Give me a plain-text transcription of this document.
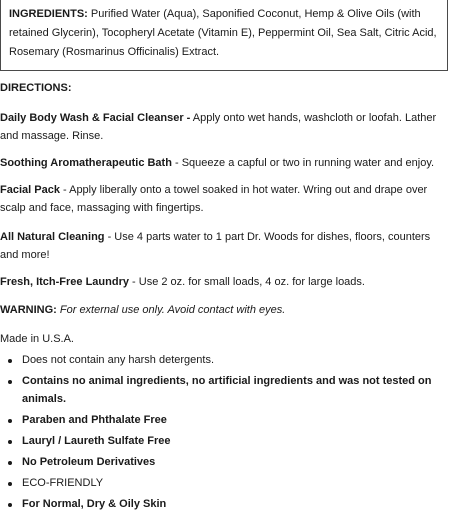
INGREDIENTS: Purified Water (Aqua), Saponified Coconut, Hemp & Olive Oils (with retained Glycerin), Tocopheryl Acetate (Vitamin E), Peppermint Oil, Sea Salt, Citric Acid, Rosemary (Rosmarinus Officinalis) Extract.
DIRECTIONS:
Daily Body Wash & Facial Cleanser - Apply onto wet hands, washcloth or loofah. Lather and massage. Rinse.
Soothing Aromatherapeutic Bath - Squeeze a capful or two in running water and enjoy.
Facial Pack - Apply liberally onto a towel soaked in hot water. Wring out and drape over scalp and face, massaging with fingertips.
All Natural Cleaning - Use 4 parts water to 1 part Dr. Woods for dishes, floors, counters and more!
Fresh, Itch-Free Laundry - Use 2 oz. for small loads, 4 oz. for large loads.
WARNING: For external use only. Avoid contact with eyes.
Made in U.S.A.
Does not contain any harsh detergents.
Contains no animal ingredients, no artificial ingredients and was not tested on animals.
Paraben and Phthalate Free
Lauryl / Laureth Sulfate Free
No Petroleum Derivatives
ECO-FRIENDLY
For Normal, Dry & Oily Skin
